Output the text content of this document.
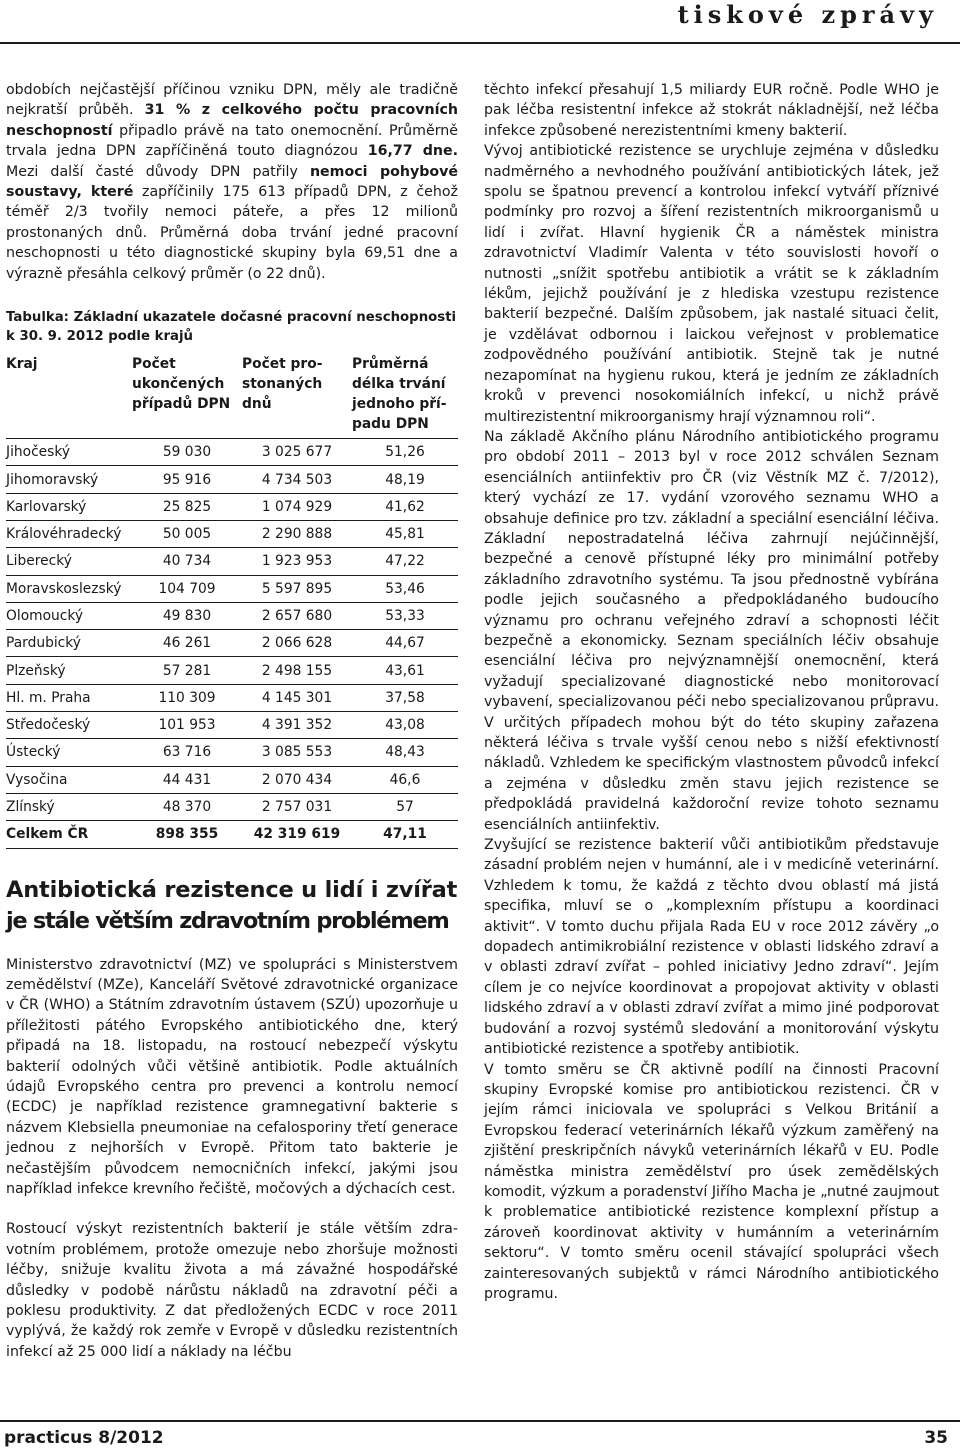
tiskové zprávy

obdobích nejčastější příčinou vzniku DPN, měly ale tradičně nejkratší průběh. 31 % z celkového počtu pracovních neschopností připadlo právě na tato onemocnění. Průměrně trvala jedna DPN zapříčiněná touto diagnózou 16,77 dne. Mezi další časté důvody DPN patřily nemoci pohybové soustavy, které zapříčinily 175 613 případů DPN, z čehož téměř 2/3 tvořily nemoci páteře, a přes 12 milionů prostonaných dnů. Průměrná doba trvání jedné pracovní neschopnosti u této diagnostické skupiny byla 69,51 dne a výrazně přesáhla celkový průměr (o 22 dnů).

Tabulka: Základní ukazatele dočasné pracovní neschopnosti k 30. 9. 2012 podle krajů
Kraj	Počet ukončených případů DPN	Počet prostonaných dnů	Průměrná délka trvání jednoho případu DPN
Jihočeský	59 030	3 025 677	51,26
Jihomoravský	95 916	4 734 503	48,19
Karlovarský	25 825	1 074 929	41,62
Královéhradecký	50 005	2 290 888	45,81
Liberecký	40 734	1 923 953	47,22
Moravskoslezský	104 709	5 597 895	53,46
Olomoucký	49 830	2 657 680	53,33
Pardubický	46 261	2 066 628	44,67
Plzeňský	57 281	2 498 155	43,61
Hl. m. Praha	110 309	4 145 301	37,58
Středočeský	101 953	4 391 352	43,08
Ústecký	63 716	3 085 553	48,43
Vysočina	44 431	2 070 434	46,6
Zlínský	48 370	2 757 031	57
Celkem ČR	898 355	42 319 619	47,11
Antibiotická rezistence u lidí i zvířat
je stále větším zdravotním problémem

Ministerstvo zdravotnictví (MZ) ve spolupráci s Ministerstvem zemědělství (MZe), Kanceláří Světové zdravotnické organizace v ČR (WHO) a Státním zdravotním ústavem (SZÚ) upozorňuje u příležitosti pátého Evropského antibiotického dne, který připadá na 18. listopadu, na rostoucí nebezpečí výskytu bakterií odolných vůči většině antibiotik. Podle aktuálních údajů Evropského centra pro prevenci a kontrolu nemocí (ECDC) je například rezistence gramnegativní bakterie s názvem Klebsiella pneumoniae na cefalosporiny třetí generace jednou z nejhorších v Evropě. Přitom tato bakterie je nečastějším původcem nemocničních infekcí, jakými jsou například infekce krevního řečiště, močových a dýchacích cest.

Rostoucí výskyt rezistentních bakterií je stále větším zdravotním problémem, protože omezuje nebo zhoršuje možnosti léčby, snižuje kvalitu života a má závažné hospodářské důsledky v podobě nárůstu nákladů na zdravotní péči a poklesu produktivity. Z dat předložených ECDC v roce 2011 vyplývá, že každý rok zemře v Evropě v důsledku rezistentních infekcí až 25 000 lidí a náklady na léčbu

těchto infekcí přesahují 1,5 miliardy EUR ročně. Podle WHO je pak léčba resistentní infekce až stokrát nákladnější, než léčba infekce způsobené nerezistentními kmeny bakterií.

Vývoj antibiotické rezistence se urychluje zejména v důsledku nadměrného a nevhodného používání antibiotických látek, jež spolu se špatnou prevencí a kontrolou infekcí vytváří příznivé podmínky pro rozvoj a šíření rezistentních mikroorganismů u lidí i zvířat. Hlavní hygienik ČR a náměstek ministra zdravotnictví Vladimír Valenta v této souvislosti hovoří o nutnosti „snížit spotřebu antibiotik a vrátit se k základním lékům, jejichž používání je z hlediska vzestupu rezistence bakterií bezpečné. Dalším způsobem, jak nastalé situaci čelit, je vzdělávat odbornou i laickou veřejnost v problematice zodpovědného používání antibiotik. Stejně tak je nutné nezapomínat na hygienu rukou, která je jedním ze základních kroků v prevenci nosokomiálních infekcí, u nichž právě multirezistentní mikroorganismy hrají významnou roli“.

Na základě Akčního plánu Národního antibiotického programu pro období 2011 – 2013 byl v roce 2012 schválen Seznam esenciálních antiinfektiv pro ČR (viz Věstník MZ č. 7/2012), který vychází ze 17. vydání vzorového seznamu WHO a obsahuje definice pro tzv. základní a speciální esenciální léčiva. Základní nepostradatelná léčiva zahrnují nejúčinnější, bezpečné a cenově přístupné léky pro minimální potřeby základního zdravotního systému. Ta jsou přednostně vybírána podle jejich současného a předpokládaného budoucího významu pro ochranu veřejného zdraví a schopnosti léčit bezpečně a ekonomicky. Seznam speciálních léčiv obsahuje esenciální léčiva pro nejvýznamnější onemocnění, která vyžadují specializované diagnostické nebo monitorovací vybavení, specializovanou péči nebo specializovanou průpravu. V určitých případech mohou být do této skupiny zařazena některá léčiva s trvale vyšší cenou nebo s nižší efektivností nákladů. Vzhledem ke specifickým vlastnostem původců infekcí a zejména v důsledku změn stavu jejich rezistence se předpokládá pravidelná každoroční revize tohoto seznamu esenciálních antiinfektiv.

Zvyšující se rezistence bakterií vůči antibiotikům představuje zásadní problém nejen v humánní, ale i v medicíně veterinární. Vzhledem k tomu, že každá z těchto dvou oblastí má jistá specifika, mluví se o „komplexním přístupu a koordinaci aktivit“. V tomto duchu přijala Rada EU v roce 2012 závěry „o dopadech antimikrobiální rezistence v oblasti lidského zdraví a v oblasti zdraví zvířat – pohled iniciativy Jedno zdraví“. Jejím cílem je co nejvíce koordinovat a propojovat aktivity v oblasti lidského zdraví a v oblasti zdraví zvířat a mimo jiné podporovat budování a rozvoj systémů sledování a monitorování výskytu antibiotické rezistence a spotřeby antibiotik.

V tomto směru se ČR aktivně podílí na činnosti Pracovní skupiny Evropské komise pro antibiotickou rezistenci. ČR v jejím rámci iniciovala ve spolupráci s Velkou Británií a Evropskou federací veterinárních lékařů výzkum zaměřený na zjištění preskripčních návyků veterinárních lékařů v EU. Podle náměstka ministra zemědělství pro úsek zemědělských komodit, výzkum a poradenství Jiřího Macha je „nutné zaujmout k problematice antibiotické rezistence komplexní přístup a zároveň koordinovat aktivity v humánním a veterinárním sektoru“. V tomto směru ocenil stávající spolupráci všech zainteresovaných subjektů v rámci Národního antibiotického programu.

practicus 8/2012	35
